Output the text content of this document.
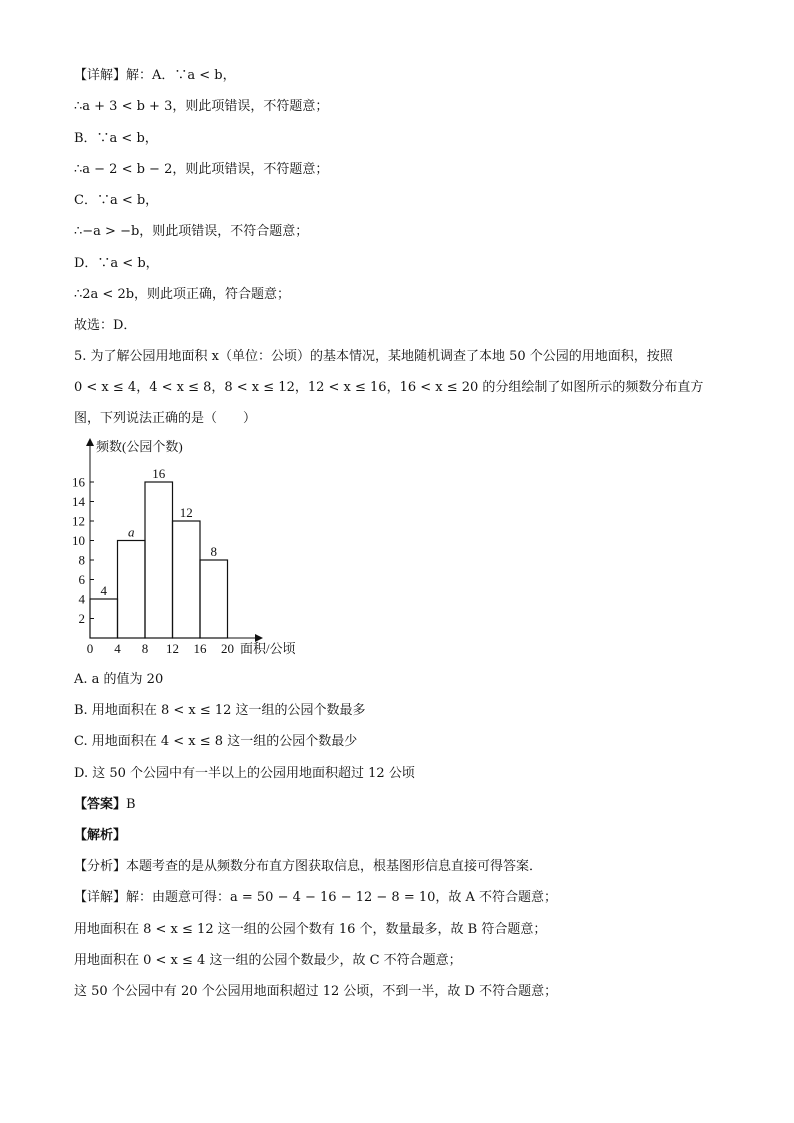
【详解】解：A．∵a < b，
∴a + 3 < b + 3，则此项错误，不符题意；
B．∵a < b，
∴a − 2 < b − 2，则此项错误，不符题意；
C．∵a < b，
∴−a > −b，则此项错误，不符合题意；
D．∵a < b，
∴2a < 2b，则此项正确，符合题意；
故选：D．
5. 为了解公园用地面积 x（单位：公顷）的基本情况，某地随机调查了本地 50 个公园的用地面积，按照
0 < x ≤ 4，4 < x ≤ 8，8 < x ≤ 12，12 < x ≤ 16，16 < x ≤ 20 的分组绘制了如图所示的频数分布直方
图，下列说法正确的是（　　）
2
4
6
8
10
12
14
16
4 8 12 16 20
4
a
16
12
8
频数(公园个数)
面积/公顷
0
A. a 的值为 20
B. 用地面积在 8 < x ≤ 12 这一组的公园个数最多
C. 用地面积在 4 < x ≤ 8 这一组的公园个数最少
D. 这 50 个公园中有一半以上的公园用地面积超过 12 公顷
【答案】B
【解析】
【分析】本题考查的是从频数分布直方图获取信息，根基图形信息直接可得答案．
【详解】解：由题意可得：a = 50 − 4 − 16 − 12 − 8 = 10，故 A 不符合题意；
用地面积在 8 < x ≤ 12 这一组的公园个数有 16 个，数量最多，故 B 符合题意；
用地面积在 0 < x ≤ 4 这一组的公园个数最少，故 C 不符合题意；
这 50 个公园中有 20 个公园用地面积超过 12 公顷，不到一半，故 D 不符合题意；
